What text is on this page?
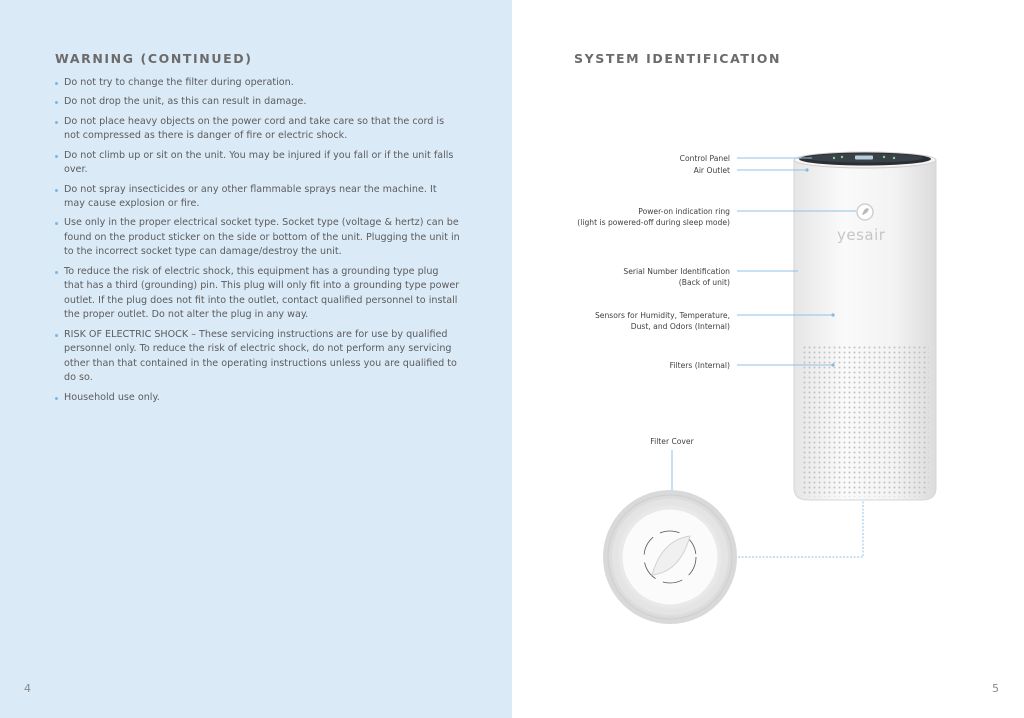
WARNING (CONTINUED)
Do not try to change the filter during operation.
Do not drop the unit, as this can result in damage.
Do not place heavy objects on the power cord and take care so that the cord is not compressed as there is danger of fire or electric shock.
Do not climb up or sit on the unit. You may be injured if you fall or if the unit falls over.
Do not spray insecticides or any other flammable sprays near the machine. It may cause explosion or fire.
Use only in the proper electrical socket type. Socket type (voltage & hertz) can be found on the product sticker on the side or bottom of the unit. Plugging the unit in to the incorrect socket type can damage/destroy the unit.
To reduce the risk of electric shock, this equipment has a grounding type plug that has a third (grounding) pin. This plug will only fit into a grounding type power outlet. If the plug does not fit into the outlet, contact qualified personnel to install the proper outlet. Do not alter the plug in any way.
RISK OF ELECTRIC SHOCK – These servicing instructions are for use by qualified personnel only. To reduce the risk of electric shock, do not perform any servicing other than that contained in the operating instructions unless you are qualified to do so.
Household use only.
4
SYSTEM IDENTIFICATION
yesair
Control Panel
Air Outlet
Power-on indication ring
(light is powered-off during sleep mode)
Serial Number Identification
(Back of unit)
Sensors for Humidity, Temperature,
Dust, and Odors (Internal)
Filters (Internal)
Filter Cover
5
